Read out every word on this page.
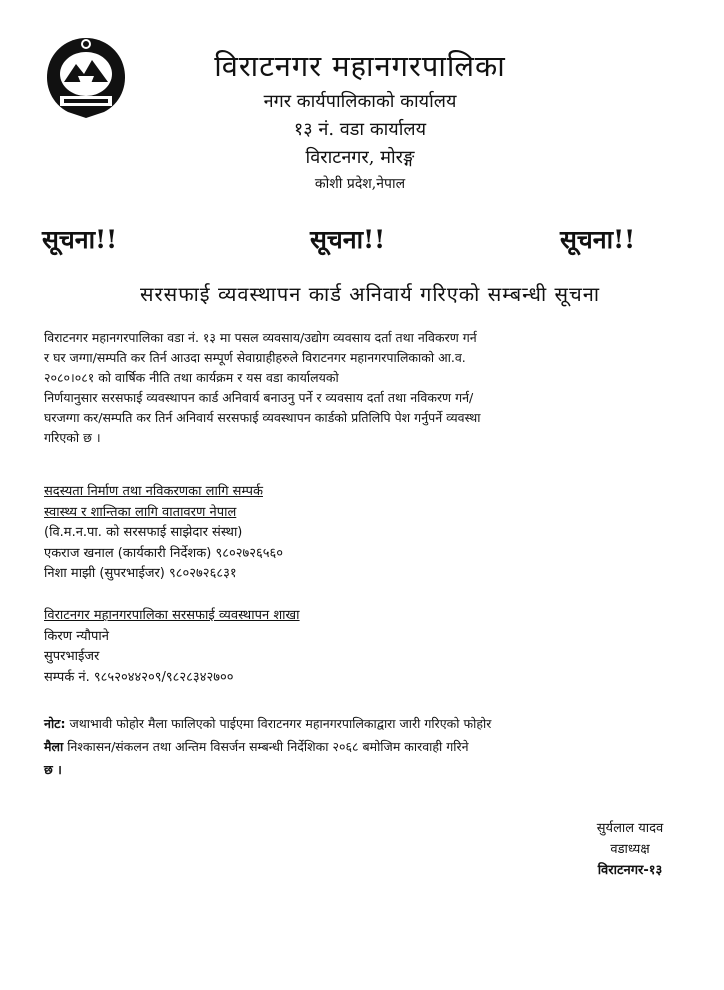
विराटनगर महानगरपालिका
नगर कार्यपालिकाको कार्यालय
१३ नं. वडा कार्यालय
विराटनगर, मोरङ्ग
कोशी प्रदेश,नेपाल
सूचना!!	सूचना!!	सूचना!!
सरसफाई व्यवस्थापन कार्ड अनिवार्य गरिएको सम्बन्धी सूचना
विराटनगर महानगरपालिका वडा नं. १३ मा पसल व्यवसाय/उद्योग व्यवसाय दर्ता तथा नविकरण गर्न
र घर जग्गा/सम्पति कर तिर्न आउदा सम्पूर्ण सेवाग्राहीहरुले विराटनगर महानगरपालिकाको आ.व.
२०८०।०८१ को वार्षिक नीति तथा कार्यक्रम र यस वडा कार्यालयको
निर्णयानुसार सरसफाई व्यवस्थापन कार्ड अनिवार्य बनाउनु पर्ने र व्यवसाय दर्ता तथा नविकरण गर्न/
घरजग्गा कर/सम्पति कर तिर्न अनिवार्य सरसफाई व्यवस्थापन कार्डको प्रतिलिपि पेश गर्नुपर्ने व्यवस्था
गरिएको छ ।
सदस्यता निर्माण तथा नविकरणका लागि सम्पर्क
स्वास्थ्य र शान्तिका लागि वातावरण नेपाल
(वि.म.न.पा. को सरसफाई साझेदार संस्था)
एकराज खनाल (कार्यकारी निर्देशक) ९८०२७२६५६०
निशा माझी (सुपरभाईजर) ९८०२७२६८३१
विराटनगर महानगरपालिका सरसफाई व्यवस्थापन शाखा
किरण न्यौपाने
सुपरभाईजर
सम्पर्क नं. ९८५२०४४२०९/९८२८३४२७००
नोट: जथाभावी फोहोर मैला फालिएको पाईएमा विराटनगर महानगरपालिकाद्वारा जारी गरिएको फोहोर
मैला निश्कासन/संकलन तथा अन्तिम विसर्जन सम्बन्धी निर्देशिका २०६८ बमोजिम कारवाही गरिने
छ ।
सुर्यलाल यादव
वडाध्यक्ष
विराटनगर-१३
